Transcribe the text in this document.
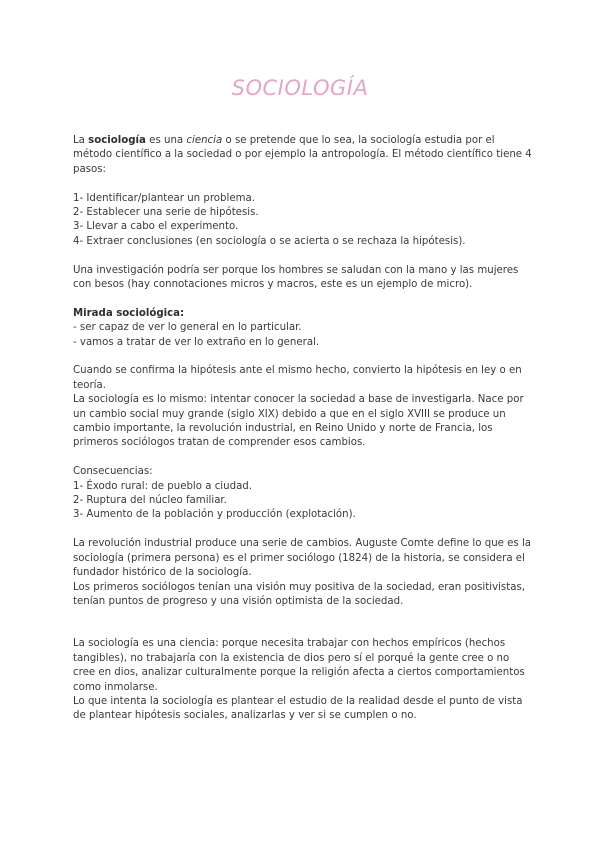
SOCIOLOGÍA

La sociología es una ciencia o se pretende que lo sea, la sociología estudia por el método científico a la sociedad o por ejemplo la antropología. El método científico tiene 4 pasos:

1- Identificar/plantear un problema.

2- Establecer una serie de hipótesis.

3- Llevar a cabo el experimento.

4- Extraer conclusiones (en sociología o se acierta o se rechaza la hipótesis).

Una investigación podría ser porque los hombres se saludan con la mano y las mujeres con besos (hay connotaciones micros y macros, este es un ejemplo de micro).

Mirada sociológica:

- ser capaz de ver lo general en lo particular.

- vamos a tratar de ver lo extraño en lo general.

Cuando se confirma la hipótesis ante el mismo hecho, convierto la hipótesis en ley o en teoría.

La sociología es lo mismo: intentar conocer la sociedad a base de investigarla. Nace por un cambio social muy grande (siglo XIX) debido a que en el siglo XVIII se produce un cambio importante, la revolución industrial, en Reino Unido y norte de Francia, los primeros sociólogos tratan de comprender esos cambios.

Consecuencias:

1- Éxodo rural: de pueblo a ciudad.

2- Ruptura del núcleo familiar.

3- Aumento de la población y producción (explotación).

La revolución industrial produce una serie de cambios. Auguste Comte define lo que es la sociología (primera persona) es el primer sociólogo (1824) de la historia, se considera el fundador histórico de la sociología.

Los primeros sociólogos tenían una visión muy positiva de la sociedad, eran positivistas, tenían puntos de progreso y una visión optimista de la sociedad.

La sociología es una ciencia: porque necesita trabajar con hechos empíricos (hechos tangibles), no trabajaría con la existencia de dios pero sí el porqué la gente cree o no cree en dios, analizar culturalmente porque la religión afecta a ciertos comportamientos como inmolarse.

Lo que intenta la sociología es plantear el estudio de la realidad desde el punto de vista de plantear hipótesis sociales, analizarlas y ver si se cumplen o no.
